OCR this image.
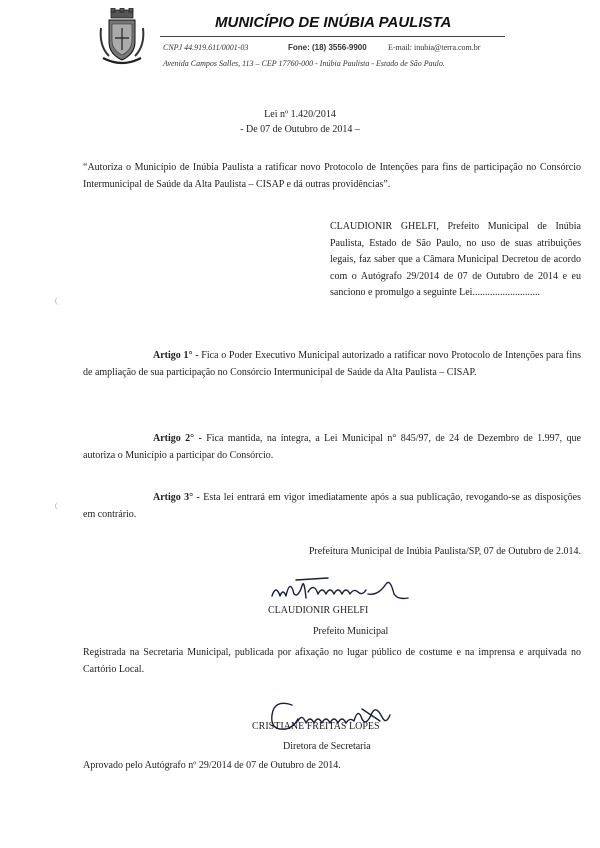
MUNICÍPIO DE INÚBIA PAULISTA
CNPJ 44.919.611/0001-03	Fone: (18) 3556-9900	E-mail: inubia@terra.com.br
Avenida Campos Salles, 113 – CEP 17760-000 - Inúbia Paulista - Estado de São Paulo.
Lei nº 1.420/2014
- De 07 de Outubro de 2014 –

“Autoriza o Município de Inúbia Paulista a ratificar novo Protocolo de Intenções para fins de participação no Consórcio Intermunicipal de Saúde da Alta Paulista – CISAP e dá outras providências”.

CLAUDIONIR GHELFI, Prefeito Municipal de Inúbia Paulista, Estado de São Paulo, no uso de suas atribuições legais, faz saber que a Câmara Municipal Decretou de acordo com o Autógrafo 29/2014 de 07 de Outubro de 2014 e eu sanciono e promulgo a seguinte Lei...........................

Artigo 1° - Fica o Poder Executivo Municipal autorizado a ratificar novo Protocolo de Intenções para fins de ampliação de sua participação no Consórcio Intermunicipal de Saúde da Alta Paulista – CISAP.

Artigo 2° - Fica mantida, na íntegra, a Lei Municipal n° 845/97, de 24 de Dezembro de 1.997, que autoriza o Município a participar do Consórcio.

Artigo 3° - Esta lei entrará em vigor imediatamente após a sua publicação, revogando-se as disposições em contrário.

Prefeitura Municipal de Inúbia Paulista/SP, 07 de Outubro de 2.014.
CLAUDIONIR GHELFI
Prefeito Municipal

Registrada na Secretaria Municipal, publicada por afixação no lugar público de costume e na imprensa e arquivada no Cartório Local.

CRISTIANE FREITAS LOPES
Diretora de Secretaria
Aprovado pelo Autógrafo nº 29/2014 de 07 de Outubro de 2014.
